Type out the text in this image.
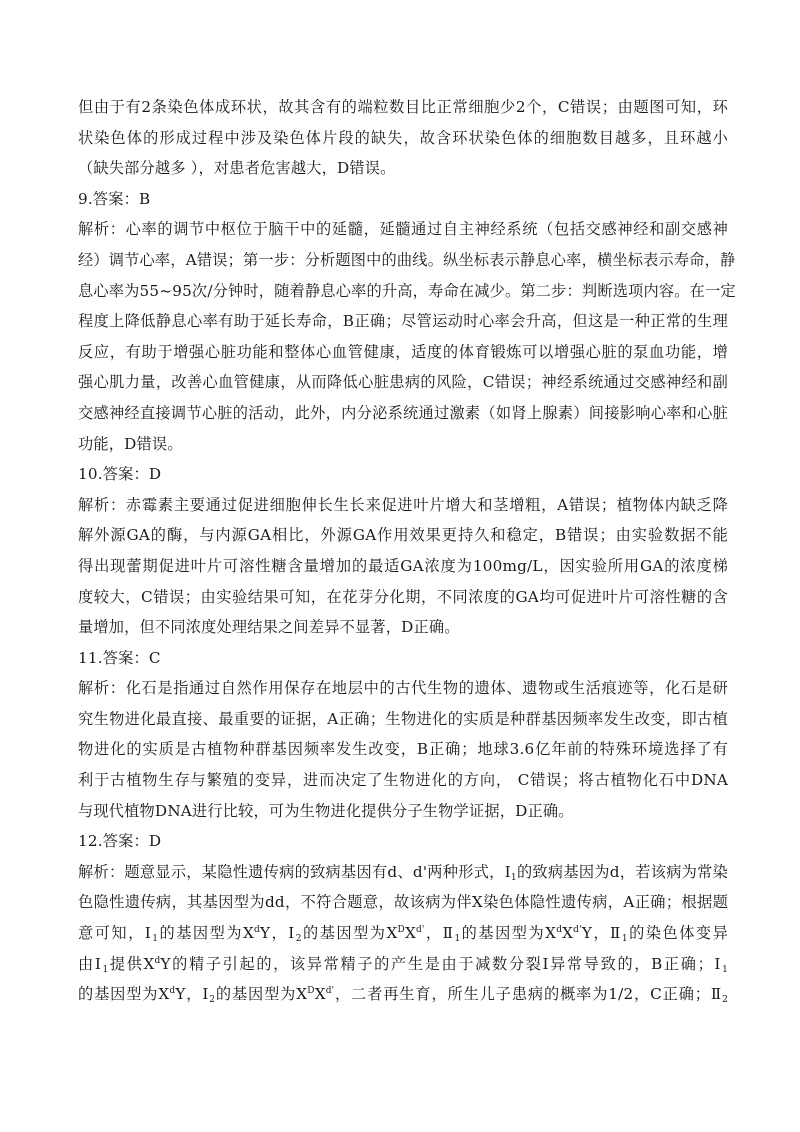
但由于有2条染色体成环状，故其含有的端粒数目比正常细胞少2个，C错误；由题图可知，环
状染色体的形成过程中涉及染色体片段的缺失，故含环状染色体的细胞数目越多，且环越小
（缺失部分越多 ），对患者危害越大，D错误。
9.答案：B
解析：心率的调节中枢位于脑干中的延髓，延髓通过自主神经系统（包括交感神经和副交感神
经）调节心率，A错误；第一步：分析题图中的曲线。纵坐标表示静息心率，横坐标表示寿命，静
息心率为55~95次/分钟时，随着静息心率的升高，寿命在减少。第二步：判断选项内容。在一定
程度上降低静息心率有助于延长寿命，B正确；尽管运动时心率会升高，但这是一种正常的生理
反应，有助于增强心脏功能和整体心血管健康，适度的体育锻炼可以增强心脏的泵血功能，增
强心肌力量，改善心血管健康，从而降低心脏患病的风险，C错误；神经系统通过交感神经和副
交感神经直接调节心脏的活动，此外，内分泌系统通过激素（如肾上腺素）间接影响心率和心脏
功能，D错误。
10.答案：D
解析：赤霉素主要通过促进细胞伸长生长来促进叶片增大和茎增粗，A错误；植物体内缺乏降
解外源GA的酶，与内源GA相比，外源GA作用效果更持久和稳定，B错误；由实验数据不能
得出现蕾期促进叶片可溶性糖含量增加的最适GA浓度为100mg/L，因实验所用GA的浓度梯
度较大，C错误；由实验结果可知，在花芽分化期，不同浓度的GA均可促进叶片可溶性糖的含
量增加，但不同浓度处理结果之间差异不显著，D正确。
11.答案：C
解析：化石是指通过自然作用保存在地层中的古代生物的遗体、遗物或生活痕迹等，化石是研
究生物进化最直接、最重要的证据，A正确；生物进化的实质是种群基因频率发生改变，即古植
物进化的实质是古植物种群基因频率发生改变，B正确；地球3.6亿年前的特殊环境选择了有
利于古植物生存与繁殖的变异，进而决定了生物进化的方向， C错误；将古植物化石中DNA
与现代植物DNA进行比较，可为生物进化提供分子生物学证据，D正确。
12.答案：D
解析：题意显示，某隐性遗传病的致病基因有d、d'两种形式，$Ⅰ_1$的致病基因为d，若该病为常染
色隐性遗传病，其基因型为dd，不符合题意，故该病为伴X染色体隐性遗传病，A正确；根据题
意可知，$Ⅰ_1$的基因型为$X^dY$，$Ⅰ_2$的基因型为$X^DX^{d'}$，$Ⅱ_1$的基因型为$X^dX^{d'}Y$，$Ⅱ_1$的染色体变异
由$Ⅰ_1$提供$X^dY$的精子引起的，该异常精子的产生是由于减数分裂Ⅰ异常导致的，B正确；$Ⅰ_1$
的基因型为$X^dY$，$Ⅰ_2$的基因型为$X^DX^{d'}$，二者再生育，所生儿子患病的概率为1/2，C正确；$Ⅱ_2$
